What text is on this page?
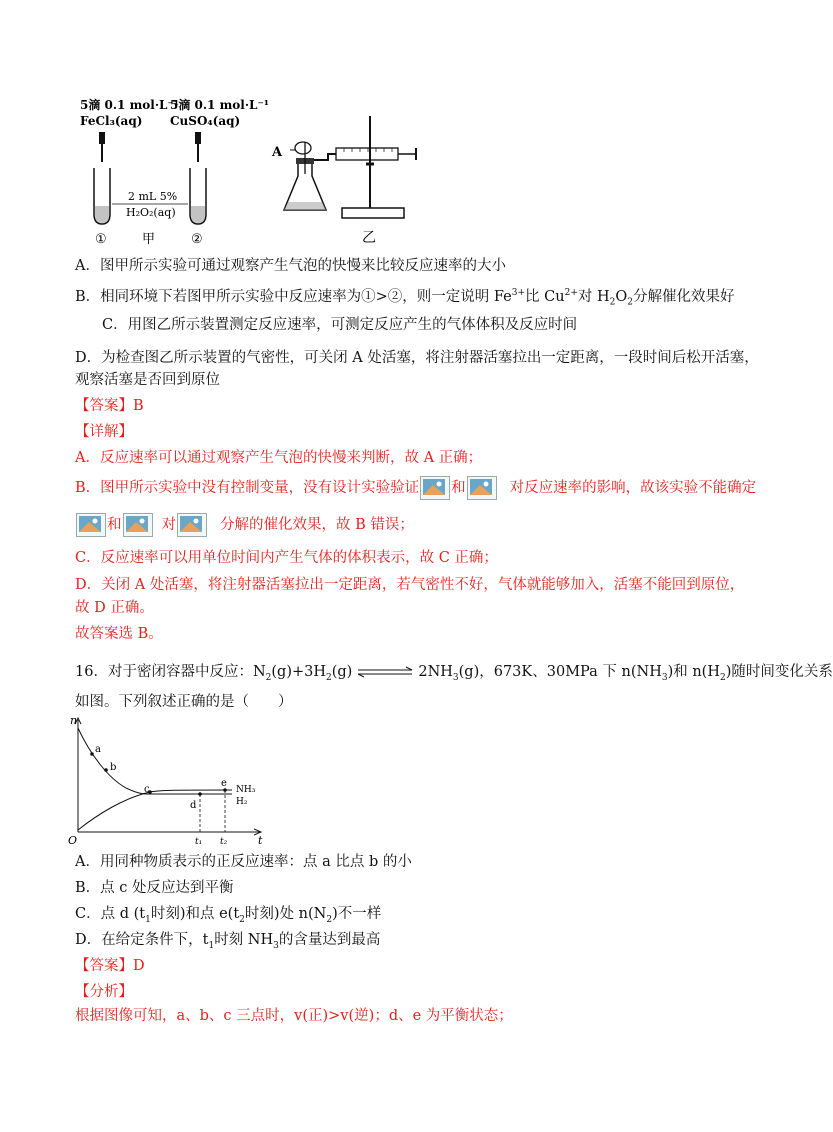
5滴 0.1 mol·L⁻¹
FeCl₃(aq)
5滴 0.1 mol·L⁻¹
CuSO₄(aq)
2 mL 5%
H₂O₂(aq)
①	甲	②
A
乙
A．图甲所示实验可通过观察产生气泡的快慢来比较反应速率的大小
B．相同环境下若图甲所示实验中反应速率为①>②，则一定说明 $Fe^{3+}$比 $Cu^{2+}$对 $H_2O_2$分解催化效果好
C．用图乙所示装置测定反应速率，可测定反应产生的气体体积及反应时间
D．为检查图乙所示装置的气密性，可关闭 A 处活塞，将注射器活塞拉出一定距离，一段时间后松开活塞，
观察活塞是否回到原位
【答案】B
【详解】
A．反应速率可以通过观察产生气泡的快慢来判断，故 A 正确；
B．图甲所示实验中没有控制变量，没有设计实验验证 和	对反应速率的影响，故该实验不能确定
和	对	分解的催化效果，故 B 错误；
C．反应速率可以用单位时间内产生气体的体积表示，故 C 正确；
D．关闭 A 处活塞，将注射器活塞拉出一定距离，若气密性不好，气体就能够加入，活塞不能回到原位，
故 D 正确。
故答案选 B。
16．对于密闭容器中反应：$N_2(g)+3H_2(g)$ ⇌ $2NH_3(g)$，673K、30MPa 下 $n(NH_3)$和 $n(H_2)$随时间变化关系
如图。下列叙述正确的是（　　）
n
O	t
a
b
c
d
e
t₁ t₂
NH₃
H₂
A．用同种物质表示的正反应速率：点 a 比点 b 的小
B．点 c 处反应达到平衡
C．点 d ($t_1$时刻)和点 $e(t_2$时刻)处 $n(N_2)$不一样
D．在给定条件下，$t_1$时刻 $NH_3$的含量达到最高
【答案】D
【分析】
根据图像可知，a、b、c 三点时，v(正)>v(逆)；d、e 为平衡状态；
